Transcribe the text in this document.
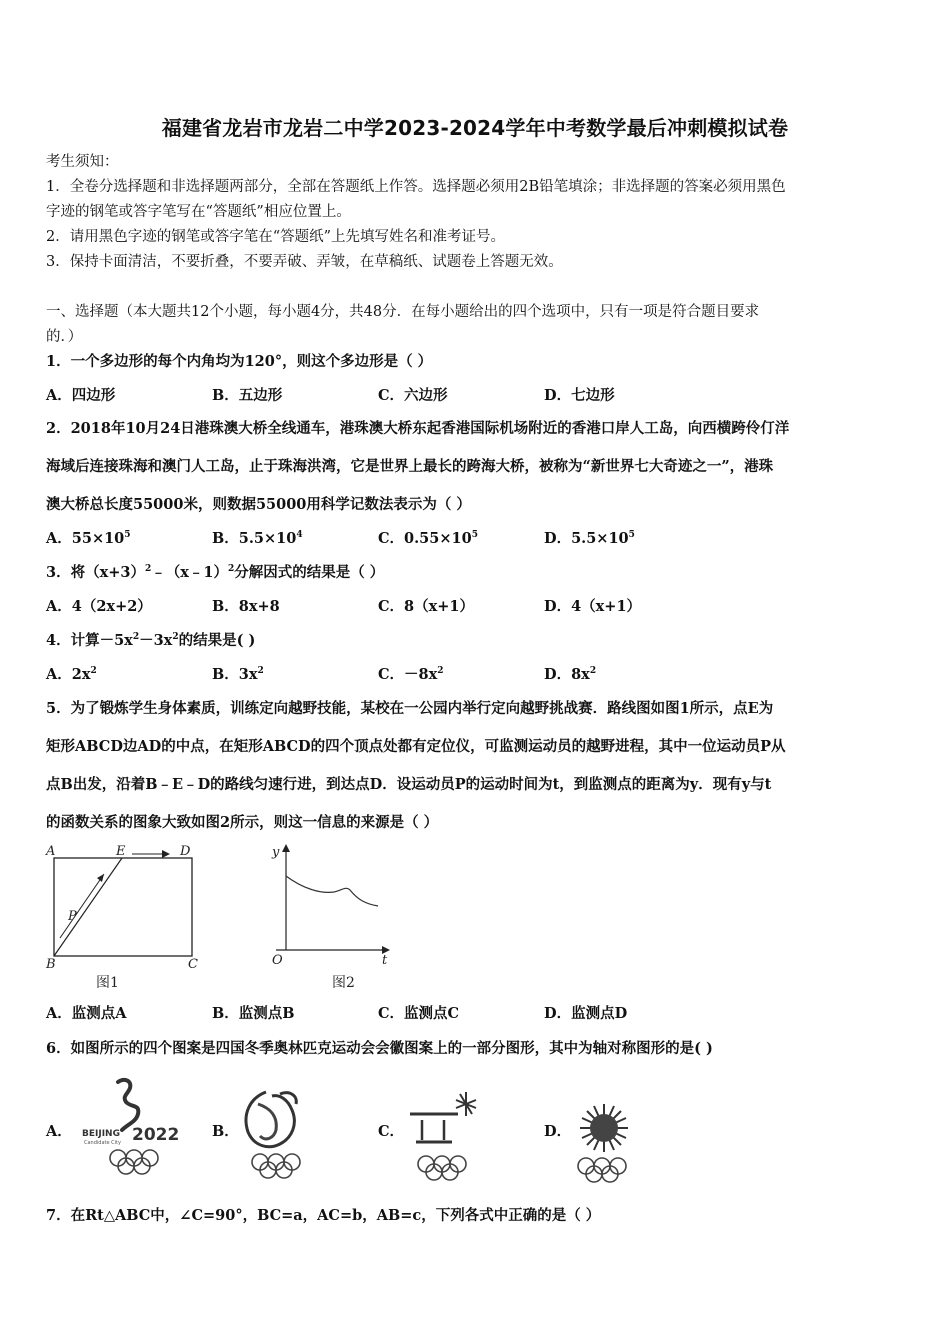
福建省龙岩市龙岩二中学2023-2024学年中考数学最后冲刺模拟试卷
考生须知：
1．全卷分选择题和非选择题两部分，全部在答题纸上作答。选择题必须用2B铅笔填涂；非选择题的答案必须用黑色
字迹的钢笔或答字笔写在“答题纸”相应位置上。
2．请用黑色字迹的钢笔或答字笔在“答题纸”上先填写姓名和准考证号。
3．保持卡面清洁，不要折叠，不要弄破、弄皱，在草稿纸、试题卷上答题无效。
一、选择题（本大题共12个小题，每小题4分，共48分．在每小题给出的四个选项中，只有一项是符合题目要求
的．）
1．一个多边形的每个内角均为120°，则这个多边形是（ ）
A．四边形	B．五边形	C．六边形	D．七边形
2．2018年10月24日港珠澳大桥全线通车，港珠澳大桥东起香港国际机场附近的香港口岸人工岛，向西横跨伶仃洋
海域后连接珠海和澳门人工岛，止于珠海洪湾，它是世界上最长的跨海大桥，被称为“新世界七大奇迹之一”，港珠
澳大桥总长度55000米，则数据55000用科学记数法表示为（ ）
A．$55\times 10^5$	B．$5.5\times 10^4$	C．$0.55\times 10^5$	D．$5.5\times 10^5$
3．将$(x+3)^2﹣(x﹣1)^2$分解因式的结果是（ ）
A．4（2x+2）	B．8x+8	C．8（x+1）	D．4（x+1）
4．计算$-5x^2-3x^2$的结果是( )
A．$2x^2$	B．$3x^2$	C．$-8x^2$	D．$8x^2$
5．为了锻炼学生身体素质，训练定向越野技能，某校在一公园内举行定向越野挑战赛．路线图如图1所示，点E为
矩形ABCD边AD的中点，在矩形ABCD的四个顶点处都有定位仪，可监测运动员的越野进程，其中一位运动员P从
点B出发，沿着B﹣E﹣D的路线匀速行进，到达点D．设运动员P的运动时间为t，到监测点的距离为y．现有y与t
的函数关系的图象大致如图2所示，则这一信息的来源是（ ）
A	E	D
P
B	C
图1
y
O	t
图2
A．监测点A	B．监测点B	C．监测点C	D．监测点D
6．如图所示的四个图案是四国冬季奥林匹克运动会会徽图案上的一部分图形，其中为轴对称图形的是( )
A． BEIJING 2022
Candidate City
B．	C．	D．
7．在Rt△ABC中，∠C=90°，BC=a，AC=b，AB=c，下列各式中正确的是（ ）
